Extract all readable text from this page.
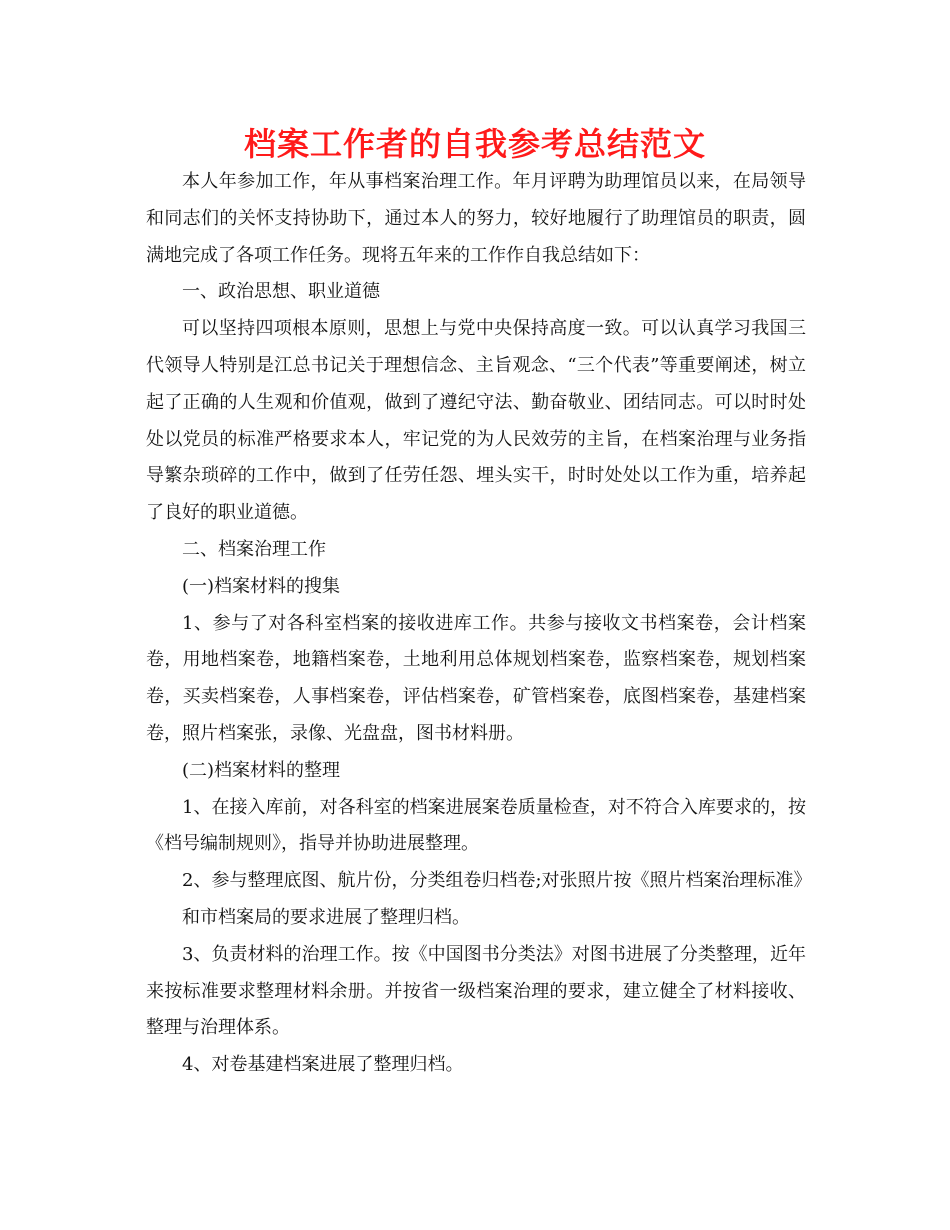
档案工作者的自我参考总结范文

本人年参加工作，年从事档案治理工作。年月评聘为助理馆员以来，在局领导和同志们的关怀支持协助下，通过本人的努力，较好地履行了助理馆员的职责，圆满地完成了各项工作任务。现将五年来的工作作自我总结如下：

一、政治思想、职业道德

可以坚持四项根本原则，思想上与党中央保持高度一致。可以认真学习我国三代领导人特别是江总书记关于理想信念、主旨观念、“三个代表”等重要阐述，树立起了正确的人生观和价值观，做到了遵纪守法、勤奋敬业、团结同志。可以时时处处以党员的标准严格要求本人，牢记党的为人民效劳的主旨，在档案治理与业务指导繁杂琐碎的工作中，做到了任劳任怨、埋头实干，时时处处以工作为重，培养起了良好的职业道德。

二、档案治理工作

(一)档案材料的搜集

1、参与了对各科室档案的接收进库工作。共参与接收文书档案卷，会计档案卷，用地档案卷，地籍档案卷，土地利用总体规划档案卷，监察档案卷，规划档案卷，买卖档案卷，人事档案卷，评估档案卷，矿管档案卷，底图档案卷，基建档案卷，照片档案张，录像、光盘盘，图书材料册。

(二)档案材料的整理

1、在接入库前，对各科室的档案进展案卷质量检查，对不符合入库要求的，按《档号编制规则》，指导并协助进展整理。

2、参与整理底图、航片份，分类组卷归档卷;对张照片按《照片档案治理标准》

和市档案局的要求进展了整理归档。

3、负责材料的治理工作。按《中国图书分类法》对图书进展了分类整理，近年来按标准要求整理材料余册。并按省一级档案治理的要求，建立健全了材料接收、整理与治理体系。

4、对卷基建档案进展了整理归档。
